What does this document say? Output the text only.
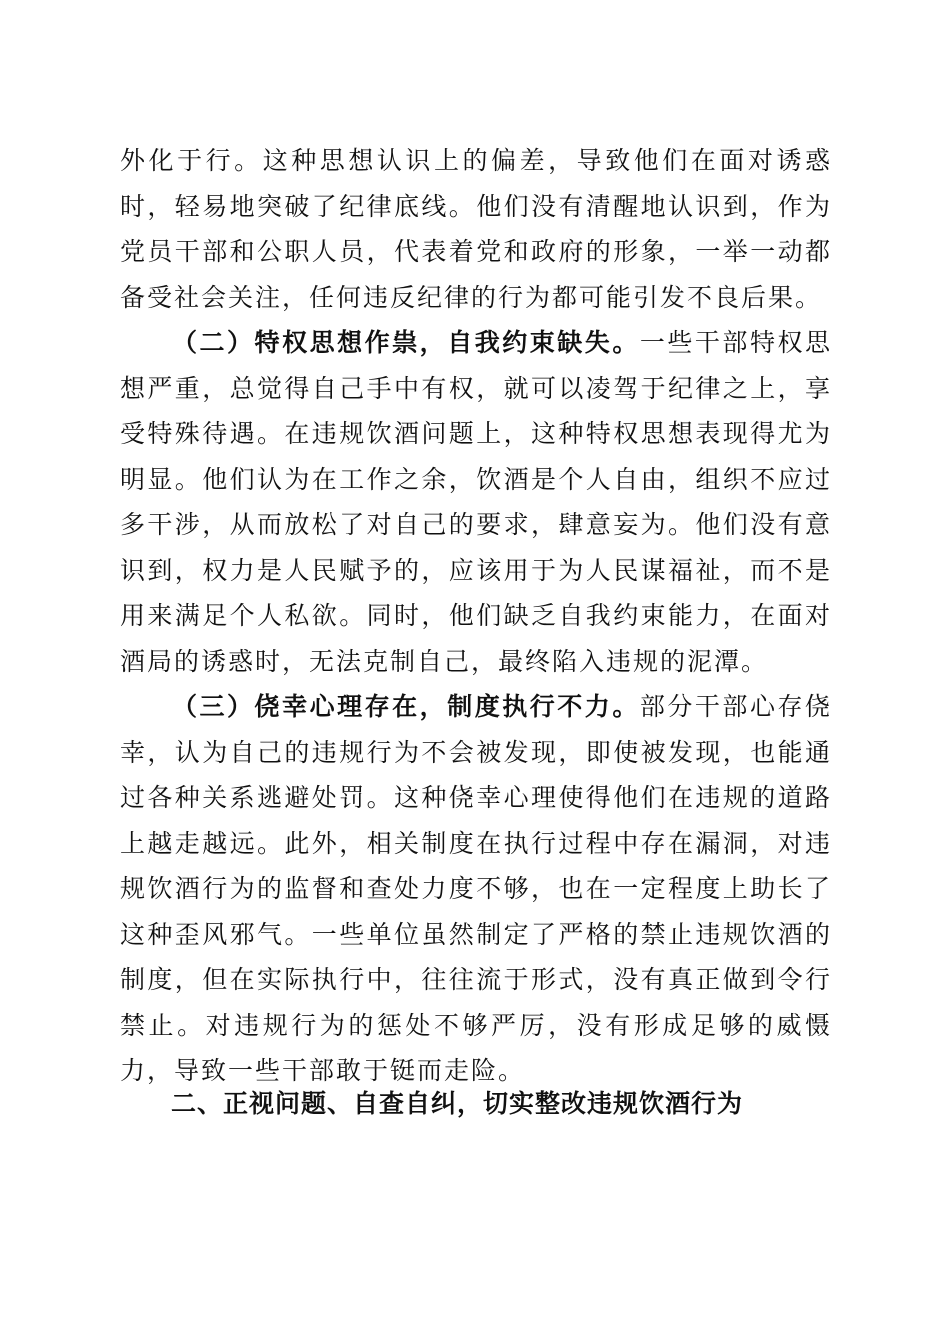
外化于行。这种思想认识上的偏差，导致他们在面对诱惑时，轻易地突破了纪律底线。他们没有清醒地认识到，作为党员干部和公职人员，代表着党和政府的形象，一举一动都备受社会关注，任何违反纪律的行为都可能引发不良后果。

（二）特权思想作祟，自我约束缺失。一些干部特权思想严重，总觉得自己手中有权，就可以凌驾于纪律之上，享受特殊待遇。在违规饮酒问题上，这种特权思想表现得尤为明显。他们认为在工作之余，饮酒是个人自由，组织不应过多干涉，从而放松了对自己的要求，肆意妄为。他们没有意识到，权力是人民赋予的，应该用于为人民谋福祉，而不是用来满足个人私欲。同时，他们缺乏自我约束能力，在面对酒局的诱惑时，无法克制自己，最终陷入违规的泥潭。

（三）侥幸心理存在，制度执行不力。部分干部心存侥幸，认为自己的违规行为不会被发现，即使被发现，也能通过各种关系逃避处罚。这种侥幸心理使得他们在违规的道路上越走越远。此外，相关制度在执行过程中存在漏洞，对违规饮酒行为的监督和查处力度不够，也在一定程度上助长了这种歪风邪气。一些单位虽然制定了严格的禁止违规饮酒的制度，但在实际执行中，往往流于形式，没有真正做到令行禁止。对违规行为的惩处不够严厉，没有形成足够的威慑力，导致一些干部敢于铤而走险。

二、正视问题、自查自纠，切实整改违规饮酒行为
